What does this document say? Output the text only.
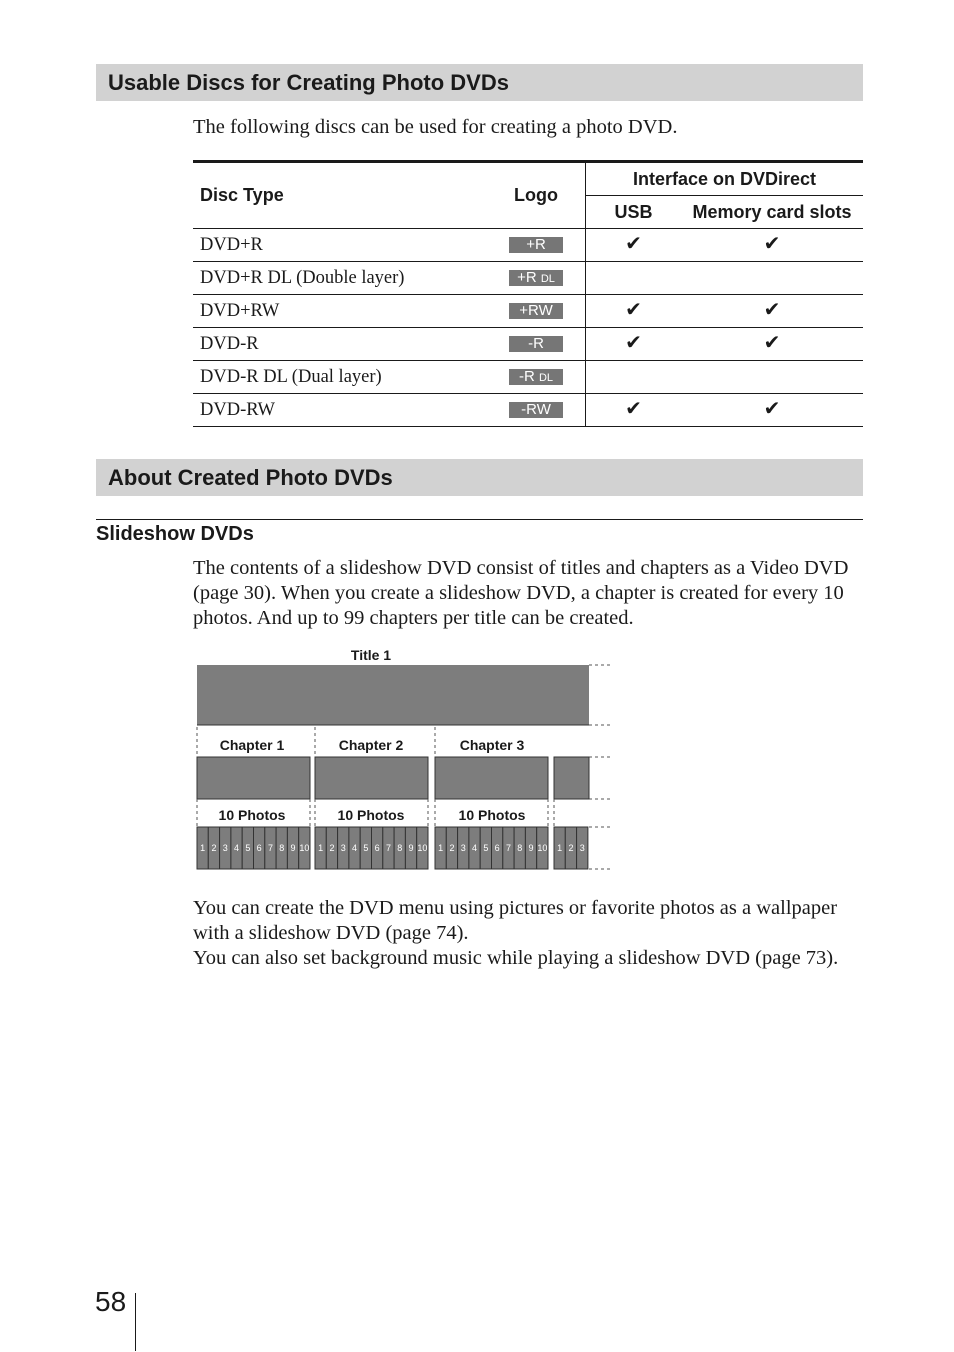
Usable Discs for Creating Photo DVDs

The following discs can be used for creating a photo DVD.

Disc Type	Logo	Interface on DVDirect	
		USB	Memory card slots
DVD+R	+R	✔	✔
DVD+R DL (Double layer)	+R DL		
DVD+RW	+RW	✔	✔
DVD-R	-R	✔	✔
DVD-R DL (Dual layer)	-R DL		
DVD-RW	-RW	✔	✔
About Created Photo DVDs
Slideshow DVDs

The contents of a slideshow DVD consist of titles and chapters as a Video DVD (page 30). When you create a slideshow DVD, a chapter is created for every 10 photos. And up to 99 chapters per title can be created.

Title 1
Chapter 1
10 Photos
1 2 3 4 5 6 7 8 9 10
Chapter 2
10 Photos
1 2 3 4 5 6 7 8 9 10
Chapter 3
10 Photos
1 2 3 4 5 6 7 8 9 10 1 2 3

You can create the DVD menu using pictures or favorite photos as a wallpaper with a slideshow DVD (page 74).

You can also set background music while playing a slideshow DVD (page 73).

58
